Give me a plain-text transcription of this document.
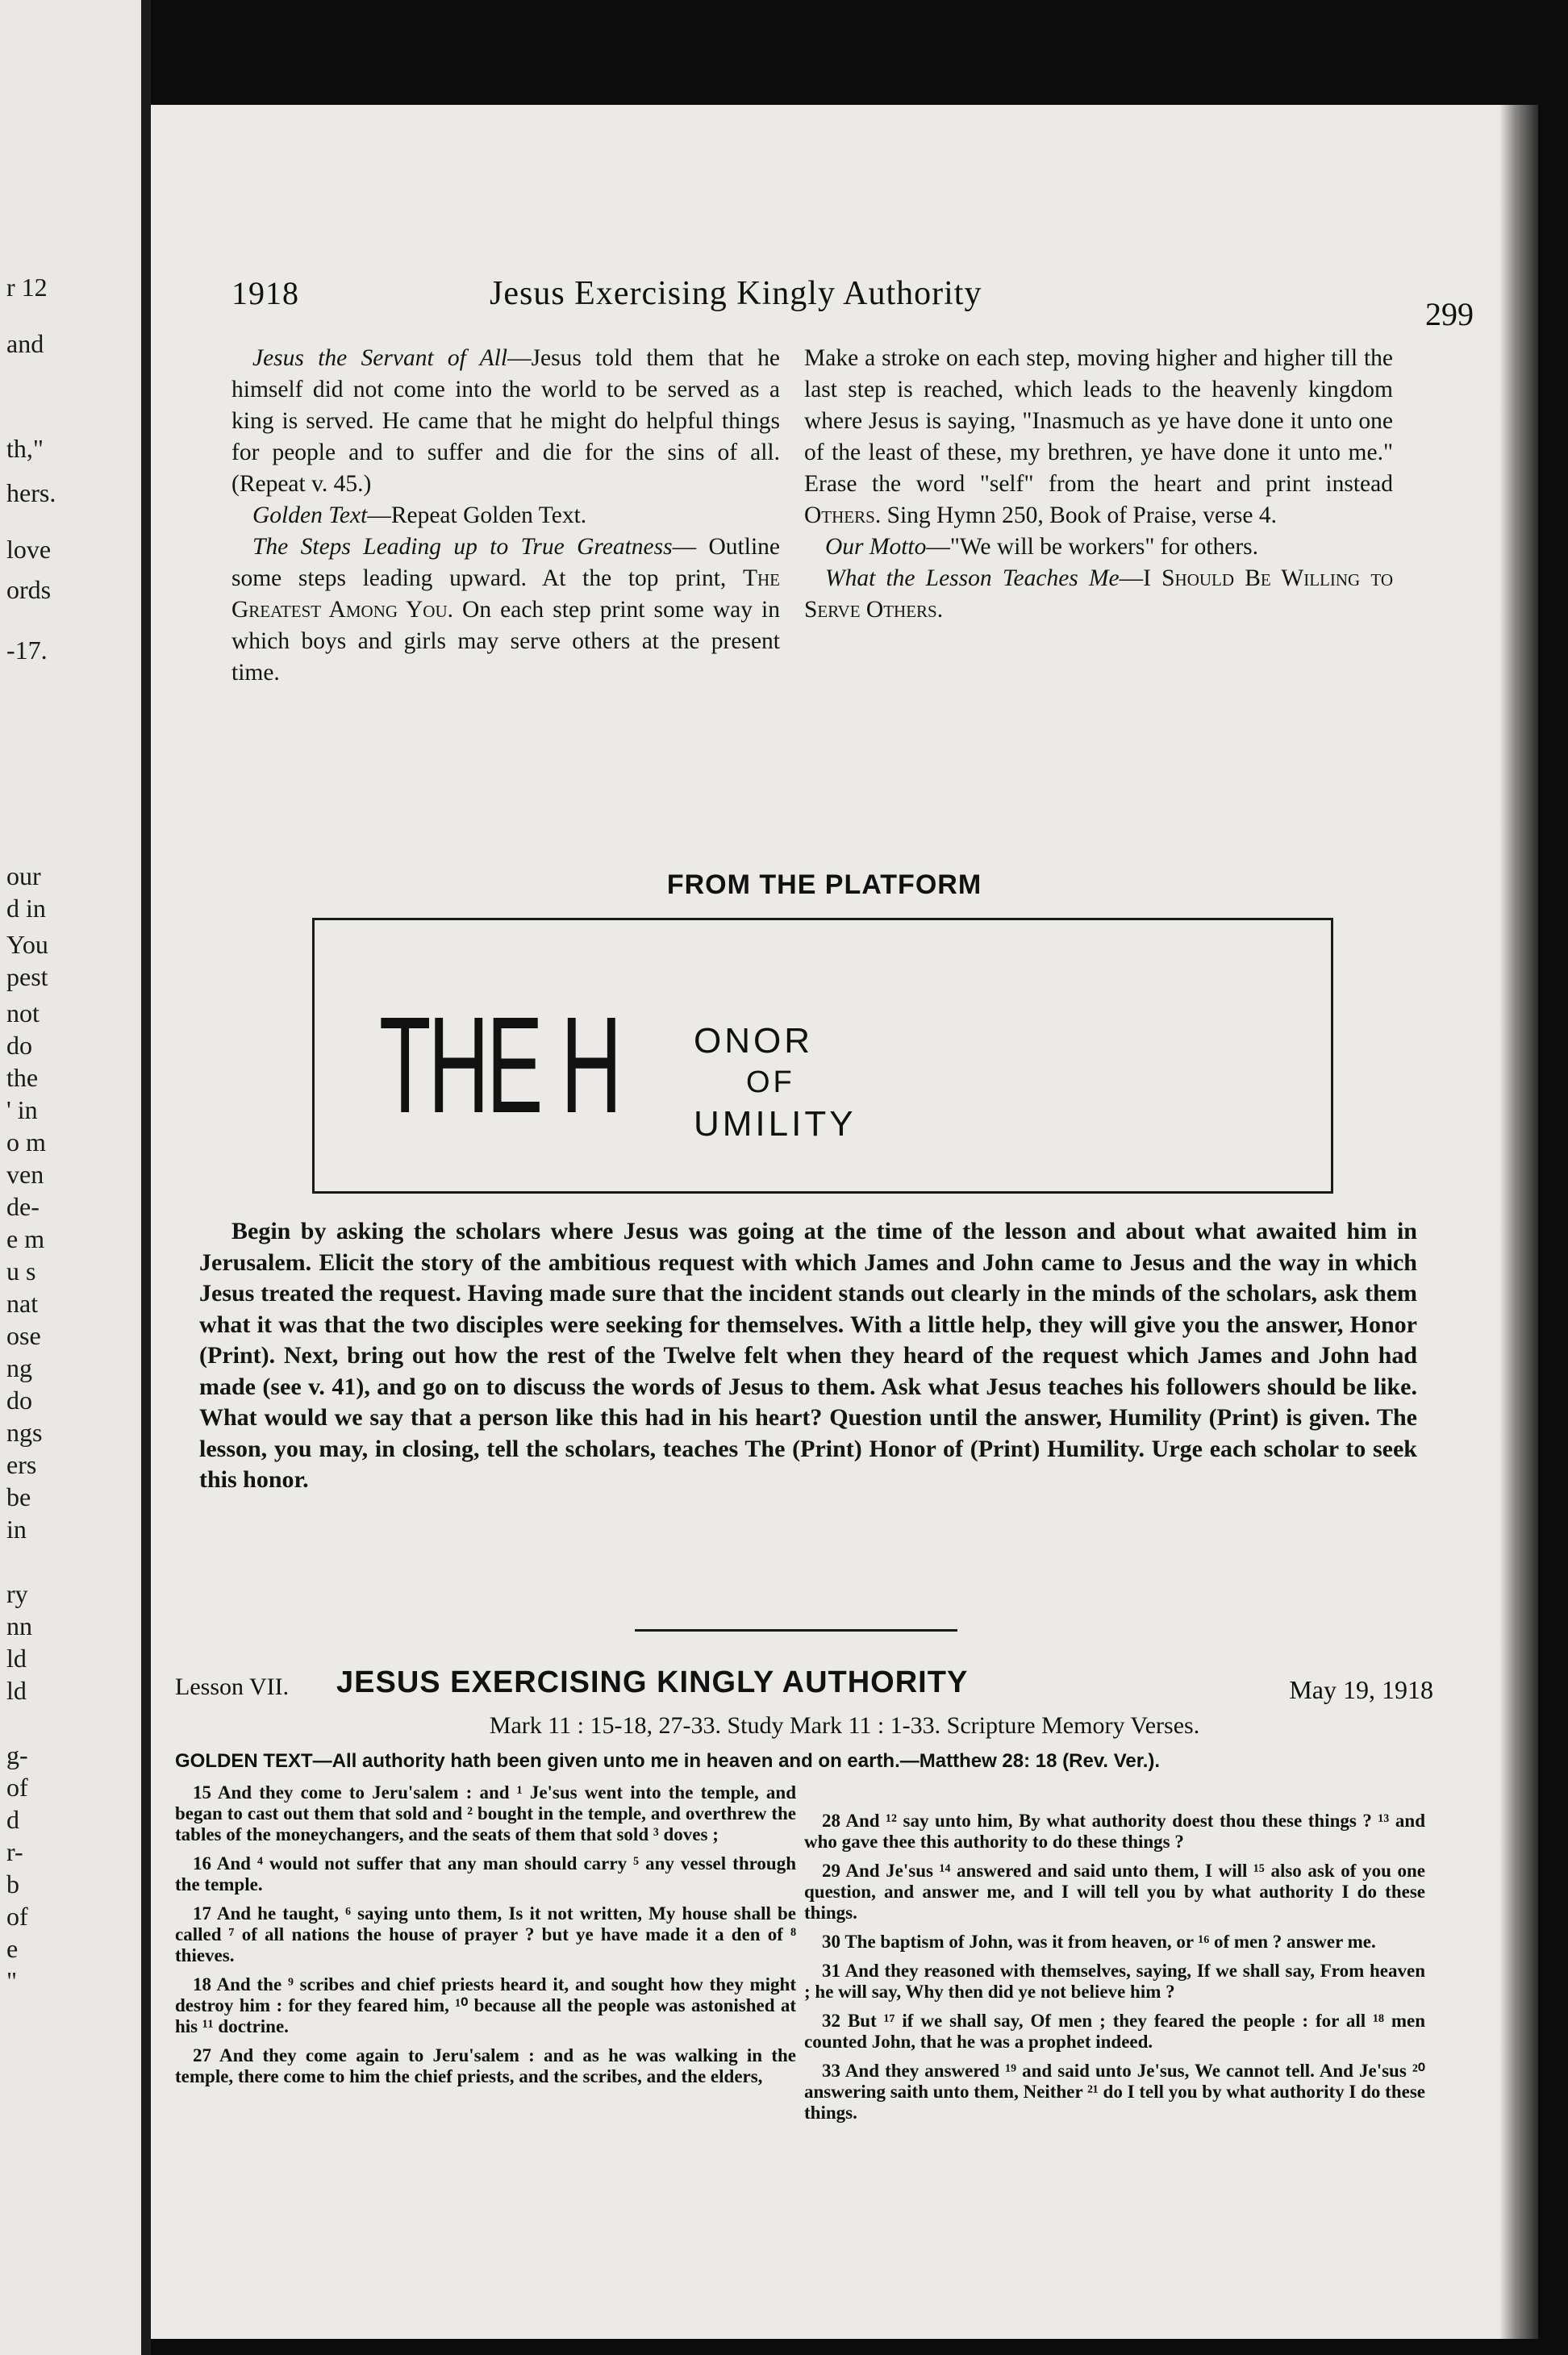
r 12
and
th,"
hers.
love
ords
-17.
our
d in
You
pest
not
do
the
' in
o m
ven
de-
e m
u s
nat
ose
ng
do
ngs
ers
be
in
ry
nn
ld
ld
g-
of
d
r-
b
of
e
"
1918	Jesus Exercising Kingly Authority
299

Jesus the Servant of All—Jesus told them that he himself did not come into the world to be served as a king is served. He came that he might do helpful things for people and to suffer and die for the sins of all. (Repeat v. 45.)

Golden Text—Repeat Golden Text.

The Steps Leading up to True Greatness— Outline some steps leading upward. At the top print, The Greatest Among You. On each step print some way in which boys and girls may serve others at the present time.

Make a stroke on each step, moving higher and higher till the last step is reached, which leads to the heavenly kingdom where Jesus is saying, "Inasmuch as ye have done it unto one of the least of these, my brethren, ye have done it unto me." Erase the word "self" from the heart and print instead Others. Sing Hymn 250, Book of Praise, verse 4.

Our Motto—"We will be workers" for others.

What the Lesson Teaches Me—I Should Be Willing to Serve Others.

FROM THE PLATFORM
THE H ONOR
OF
UMILITY

Begin by asking the scholars where Jesus was going at the time of the lesson and about what awaited him in Jerusalem. Elicit the story of the ambitious request with which James and John came to Jesus and the way in which Jesus treated the request. Having made sure that the incident stands out clearly in the minds of the scholars, ask them what it was that the two disciples were seeking for themselves. With a little help, they will give you the answer, Honor (Print). Next, bring out how the rest of the Twelve felt when they heard of the request which James and John had made (see v. 41), and go on to discuss the words of Jesus to them. Ask what Jesus teaches his followers should be like. What would we say that a person like this had in his heart? Question until the answer, Humility (Print) is given. The lesson, you may, in closing, tell the scholars, teaches The (Print) Honor of (Print) Humility. Urge each scholar to seek this honor.

Lesson VII. JESUS EXERCISING KINGLY AUTHORITY	May 19, 1918
Mark 11 : 15-18, 27-33. Study Mark 11 : 1-33. Scripture Memory Verses.
GOLDEN TEXT—All authority hath been given unto me in heaven and on earth.—Matthew 28: 18 (Rev. Ver.).

15 And they come to Jeru'salem : and ¹ Je'sus went into the temple, and began to cast out them that sold and ² bought in the temple, and overthrew the tables of the moneychangers, and the seats of them that sold ³ doves ;

16 And ⁴ would not suffer that any man should carry ⁵ any vessel through the temple.

17 And he taught, ⁶ saying unto them, Is it not written, My house shall be called ⁷ of all nations the house of prayer ? but ye have made it a den of ⁸ thieves.

18 And the ⁹ scribes and chief priests heard it, and sought how they might destroy him : for they feared him, ¹⁰ because all the people was astonished at his ¹¹ doctrine.

27 And they come again to Jeru'salem : and as he was walking in the temple, there come to him the chief priests, and the scribes, and the elders,

28 And ¹² say unto him, By what authority doest thou these things ? ¹³ and who gave thee this authority to do these things ?

29 And Je'sus ¹⁴ answered and said unto them, I will ¹⁵ also ask of you one question, and answer me, and I will tell you by what authority I do these things.

30 The baptism of John, was it from heaven, or ¹⁶ of men ? answer me.

31 And they reasoned with themselves, saying, If we shall say, From heaven ; he will say, Why then did ye not believe him ?

32 But ¹⁷ if we shall say, Of men ; they feared the people : for all ¹⁸ men counted John, that he was a prophet indeed.

33 And they answered ¹⁹ and said unto Je'sus, We cannot tell. And Je'sus ²⁰ answering saith unto them, Neither ²¹ do I tell you by what authority I do these things.
